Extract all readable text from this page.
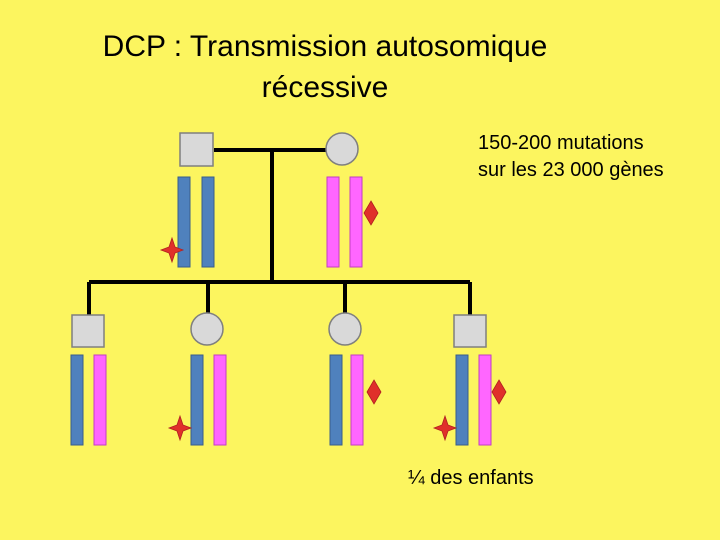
DCP : Transmission autosomique
récessive
150-200 mutations
sur les 23 000 gènes
¼ des enfants
